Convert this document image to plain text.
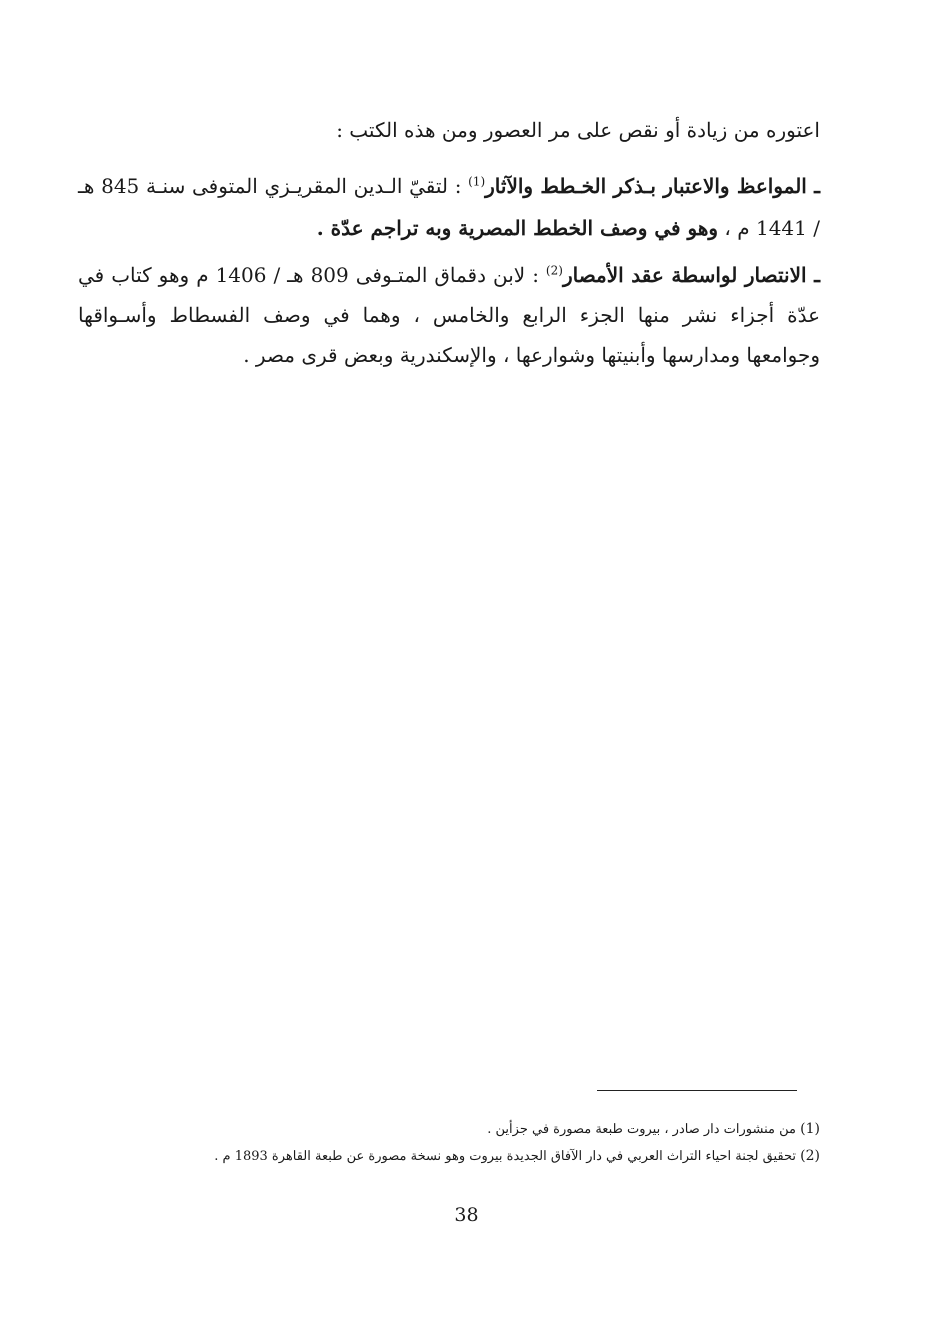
اعتوره من زيادة أو نقص على مر العصور ومن هذه الكتب :

ـ المواعظ والاعتبار بـذكر الخـطط والآثار$^{(1)}$ : لتقيّ الـدين المقريـزي المتوفى سنـة 845 هـ / 1441 م ، وهو في وصف الخطط المصرية وبه تراجم عدّة .

ـ الانتصار لواسطة عقد الأمصار$^{(2)}$ : لابن دقماق المتـوفى 809 هـ / 1406 م وهو كتاب في عدّة أجزاء نشر منها الجزء الرابع والخامس ، وهما في وصف الفسطاط وأسـواقها وجوامعها ومدارسها وأبنيتها وشوارعها ، والإسكندرية وبعض قرى مصر .

(1) من منشورات دار صادر ، بيروت طبعة مصورة في جزأين .
(2) تحقيق لجنة احياء التراث العربي في دار الآفاق الجديدة بيروت وهو نسخة مصورة عن طبعة القاهرة 1893 م .
38
